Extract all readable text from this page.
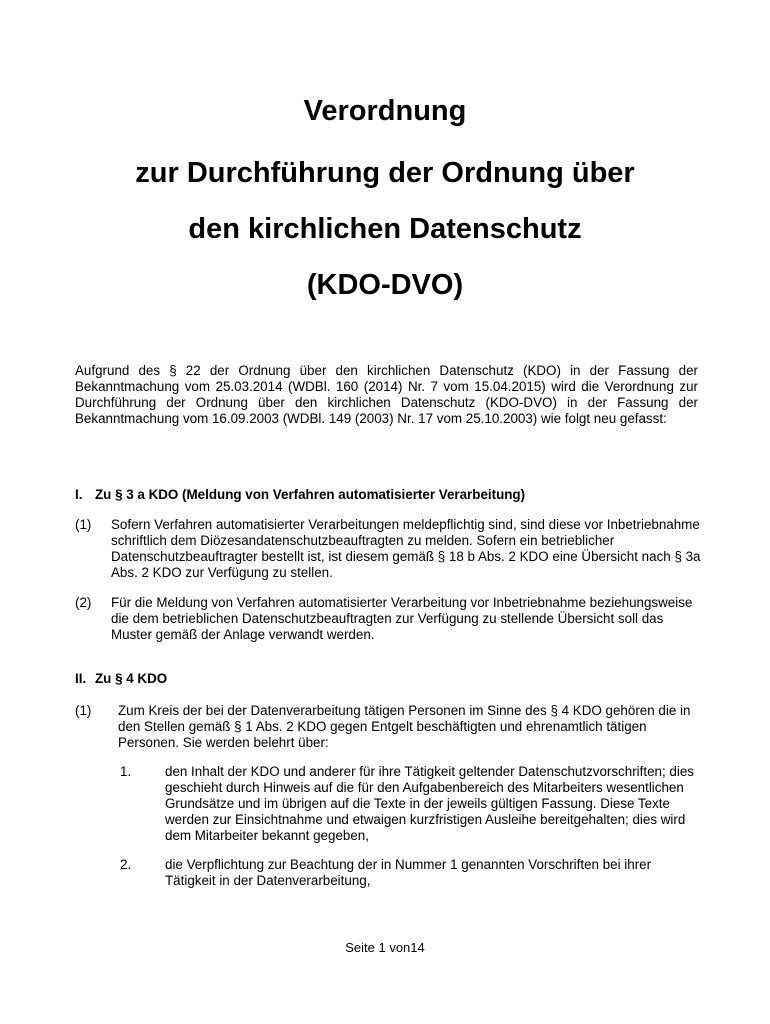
Verordnung
zur Durchführung der Ordnung über
den kirchlichen Datenschutz
(KDO-DVO)

Aufgrund des § 22 der Ordnung über den kirchlichen Datenschutz (KDO) in der Fassung der Bekanntmachung vom 25.03.2014 (WDBl. 160 (2014) Nr. 7 vom 15.04.2015) wird die Verordnung zur Durchführung der Ordnung über den kirchlichen Datenschutz (KDO-DVO) in der Fassung der Bekanntmachung vom 16.09.2003 (WDBl. 149 (2003) Nr. 17 vom 25.10.2003) wie folgt neu gefasst:

I. Zu § 3 a KDO (Meldung von Verfahren automatisierter Verarbeitung)
(1) Sofern Verfahren automatisierter Verarbeitungen meldepflichtig sind, sind diese vor Inbetriebnahme schriftlich dem Diözesandatenschutzbeauftragten zu melden. Sofern ein betrieblicher Datenschutzbeauftragter bestellt ist, ist diesem gemäß § 18 b Abs. 2 KDO eine Übersicht nach § 3a Abs. 2 KDO zur Verfügung zu stellen.
(2) Für die Meldung von Verfahren automatisierter Verarbeitung vor Inbetriebnahme beziehungsweise die dem betrieblichen Datenschutzbeauftragten zur Verfügung zu stellende Übersicht soll das Muster gemäß der Anlage verwandt werden.
II. Zu § 4 KDO
(1) Zum Kreis der bei der Datenverarbeitung tätigen Personen im Sinne des § 4 KDO gehören die in den Stellen gemäß § 1 Abs. 2 KDO gegen Entgelt beschäftigten und ehrenamtlich tätigen Personen. Sie werden belehrt über:
1.	den Inhalt der KDO und anderer für ihre Tätigkeit geltender Datenschutzvorschriften; dies geschieht durch Hinweis auf die für den Aufgabenbereich des Mitarbeiters wesentlichen Grundsätze und im übrigen auf die Texte in der jeweils gültigen Fassung. Diese Texte werden zur Einsichtnahme und etwaigen kurzfristigen Ausleihe bereitgehalten; dies wird dem Mitarbeiter bekannt gegeben,
2.	die Verpflichtung zur Beachtung der in Nummer 1 genannten Vorschriften bei ihrer Tätigkeit in der Datenverarbeitung,
Seite 1 von14
